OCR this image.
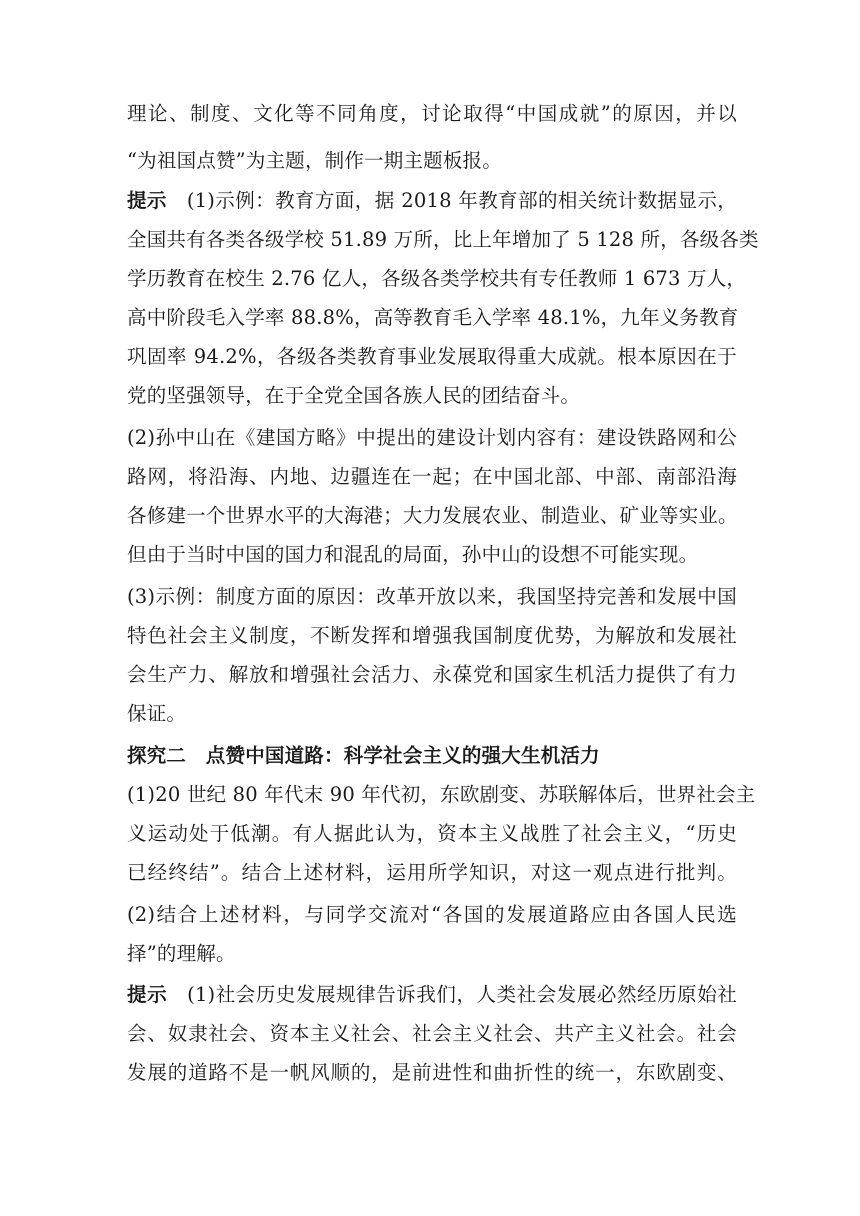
理论、制度、文化等不同角度，讨论取得“中国成就”的原因，并以
“为祖国点赞”为主题，制作一期主题板报。
提示 (1)示例：教育方面，据 2018 年教育部的相关统计数据显示，
全国共有各类各级学校 51.89 万所，比上年增加了 5 128 所，各级各类
学历教育在校生 2.76 亿人，各级各类学校共有专任教师 1 673 万人，
高中阶段毛入学率 88.8%，高等教育毛入学率 48.1%，九年义务教育
巩固率 94.2%，各级各类教育事业发展取得重大成就。根本原因在于
党的坚强领导，在于全党全国各族人民的团结奋斗。
(2)孙中山在《建国方略》中提出的建设计划内容有：建设铁路网和公
路网，将沿海、内地、边疆连在一起；在中国北部、中部、南部沿海
各修建一个世界水平的大海港；大力发展农业、制造业、矿业等实业。
但由于当时中国的国力和混乱的局面，孙中山的设想不可能实现。
(3)示例：制度方面的原因：改革开放以来，我国坚持完善和发展中国
特色社会主义制度，不断发挥和增强我国制度优势，为解放和发展社
会生产力、解放和增强社会活力、永葆党和国家生机活力提供了有力
保证。
探究二　点赞中国道路：科学社会主义的强大生机活力
(1)20 世纪 80 年代末 90 年代初，东欧剧变、苏联解体后，世界社会主
义运动处于低潮。有人据此认为，资本主义战胜了社会主义，“历史
已经终结”。结合上述材料，运用所学知识，对这一观点进行批判。
(2)结合上述材料，与同学交流对“各国的发展道路应由各国人民选
择”的理解。
提示 (1)社会历史发展规律告诉我们，人类社会发展必然经历原始社
会、奴隶社会、资本主义社会、社会主义社会、共产主义社会。社会
发展的道路不是一帆风顺的，是前进性和曲折性的统一，东欧剧变、
